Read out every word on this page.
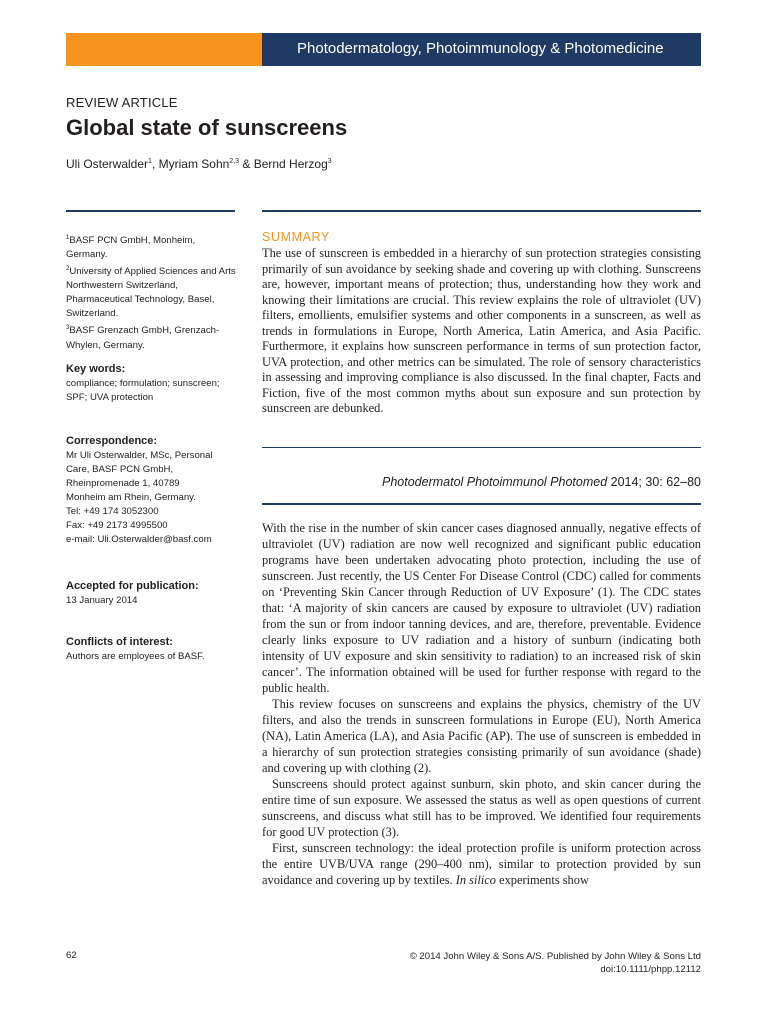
Photodermatology, Photoimmunology & Photomedicine
REVIEW ARTICLE
Global state of sunscreens
Uli Osterwalder$^1$, Myriam Sohn$^{2,3}$ & Bernd Herzog$^3$
$^1$BASF PCN GmbH, Monheim, Germany.
$^2$University of Applied Sciences and Arts Northwestern Switzerland, Pharmaceutical Technology, Basel, Switzerland.
$^3$BASF Grenzach GmbH, Grenzach-Whylen, Germany.
Key words:
compliance; formulation; sunscreen; SPF; UVA protection
Correspondence:
Mr Uli Osterwalder, MSc, Personal
Care, BASF PCN GmbH,
Rheinpromenade 1, 40789
Monheim am Rhein, Germany.
Tel: +49 174 3052300
Fax: +49 2173 4995500
e-mail: Uli.Osterwalder@basf.com
Accepted for publication:
13 January 2014
Conflicts of interest:
Authors are employees of BASF.
SUMMARY

The use of sunscreen is embedded in a hierarchy of sun protection strategies consisting primarily of sun avoidance by seeking shade and covering up with clothing. Sunscreens are, however, important means of protection; thus, understanding how they work and knowing their limitations are crucial. This review explains the role of ultraviolet (UV) filters, emollients, emulsifier systems and other components in a sunscreen, as well as trends in formulations in Europe, North America, Latin America, and Asia Pacific. Furthermore, it explains how sunscreen performance in terms of sun protection factor, UVA protection, and other metrics can be simulated. The role of sensory characteristics in assessing and improving compliance is also discussed. In the final chapter, Facts and Fiction, five of the most common myths about sun exposure and sun protection by sunscreen are debunked.

Photodermatol Photoimmunol Photomed 2014; 30: 62–80

With the rise in the number of skin cancer cases diagnosed annually, negative effects of ultraviolet (UV) radiation are now well recognized and significant public education programs have been undertaken advocating photo protection, including the use of sunscreen. Just recently, the US Center For Disease Control (CDC) called for comments on ‘Preventing Skin Cancer through Reduction of UV Exposure’ (1). The CDC states that: ‘A majority of skin cancers are caused by exposure to ultraviolet (UV) radiation from the sun or from indoor tanning devices, and are, therefore, preventable. Evidence clearly links exposure to UV radiation and a history of sunburn (indicating both intensity of UV exposure and skin sensitivity to radiation) to an increased risk of skin cancer’. The information obtained will be used for further response with regard to the public health.

This review focuses on sunscreens and explains the physics, chemistry of the UV filters, and also the trends in sunscreen formulations in Europe (EU), North America (NA), Latin America (LA), and Asia Pacific (AP). The use of sunscreen is embedded in a hierarchy of sun protection strategies consisting primarily of sun avoidance (shade) and covering up with clothing (2).

Sunscreens should protect against sunburn, skin photo, and skin cancer during the entire time of sun exposure. We assessed the status as well as open questions of current sunscreens, and discuss what still has to be improved. We identified four requirements for good UV protection (3).

First, sunscreen technology: the ideal protection profile is uniform protection across the entire UVB/UVA range (290–400 nm), similar to protection provided by sun avoidance and covering up by textiles. In silico experiments show

62	© 2014 John Wiley & Sons A/S. Published by John Wiley & Sons Ltd
doi:10.1111/phpp.12112
